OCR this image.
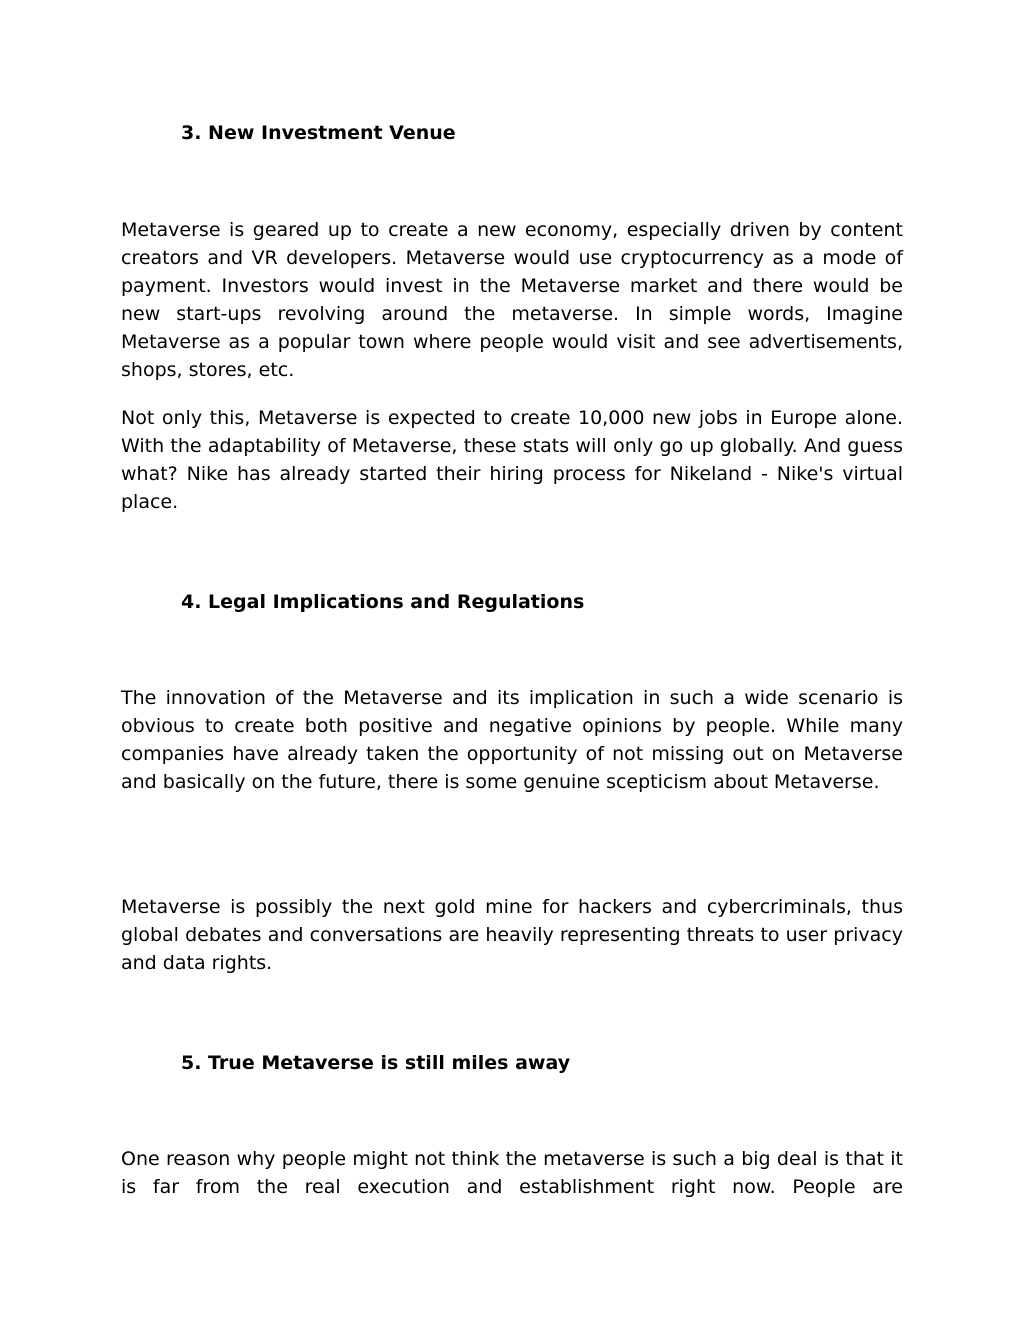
3. New Investment Venue

Metaverse is geared up to create a new economy, especially driven by content creators and VR developers. Metaverse would use cryptocurrency as a mode of payment. Investors would invest in the Metaverse market and there would be new start-ups revolving around the metaverse. In simple words, Imagine Metaverse as a popular town where people would visit and see advertisements, shops, stores, etc.

Not only this, Metaverse is expected to create 10,000 new jobs in Europe alone. With the adaptability of Metaverse, these stats will only go up globally. And guess what? Nike has already started their hiring process for Nikeland - Nike's virtual place.

4. Legal Implications and Regulations

The innovation of the Metaverse and its implication in such a wide scenario is obvious to create both positive and negative opinions by people. While many companies have already taken the opportunity of not missing out on Metaverse and basically on the future, there is some genuine scepticism about Metaverse.

Metaverse is possibly the next gold mine for hackers and cybercriminals, thus global debates and conversations are heavily representing threats to user privacy and data rights.

5. True Metaverse is still miles away

One reason why people might not think the metaverse is such a big deal is that it is far from the real execution and establishment right now. People are
